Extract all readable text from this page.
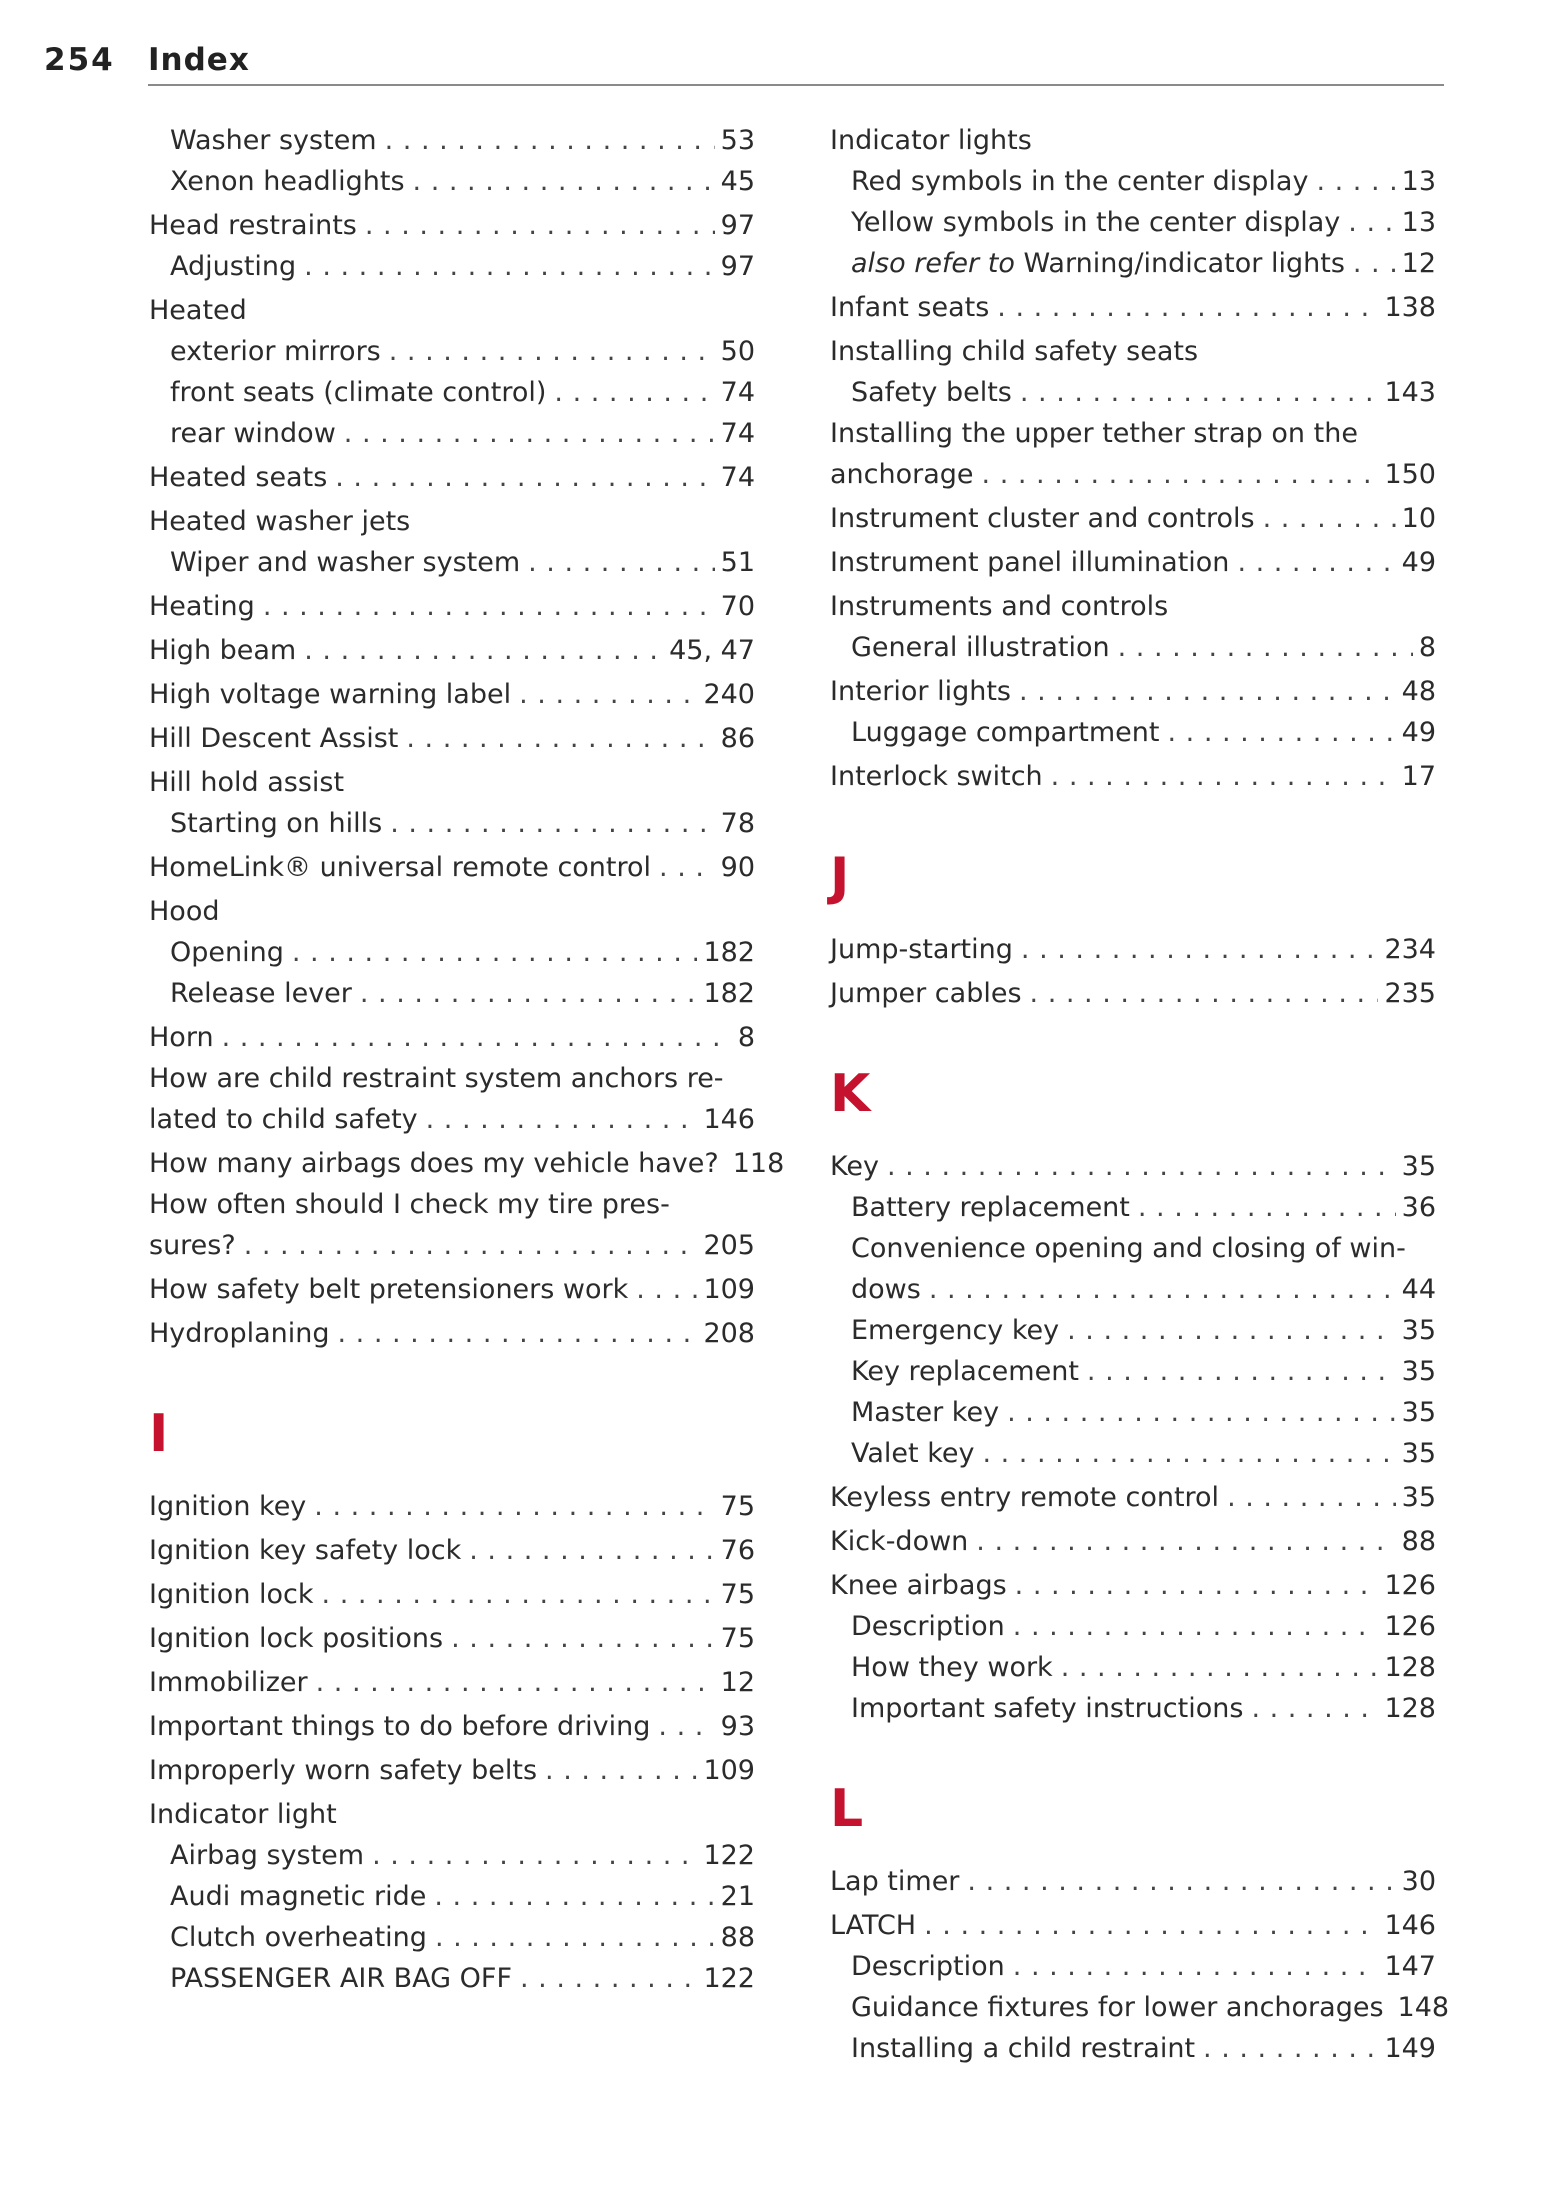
254 Index
Washer system . . .	53
Xenon headlights . . .	45
Head restraints . . .	97
Adjusting . . .	97
Heated
exterior mirrors . . .	50
front seats (climate control) . . .	74
rear window . . .	74
Heated seats . . .	74
Heated washer jets
Wiper and washer system . . .	51
Heating . . .	70
High beam . . .	45, 47
High voltage warning label . . .	240
Hill Descent Assist . . .	86
Hill hold assist
Starting on hills . . .	78
HomeLink® universal remote control . . .	90
Hood
Opening . . .	182
Release lever . . .	182
Horn . . .	8
How are child restraint system anchors re-
lated to child safety . . .	146
How many airbags does my vehicle have? 118
How often should I check my tire pres-
sures? . . .	205
How safety belt pretensioners work . . .	109
Hydroplaning . . .	208
I
Ignition key . . .	75
Ignition key safety lock . . .	76
Ignition lock . . .	75
Ignition lock positions . . .	75
Immobilizer . . .	12
Important things to do before driving . . .	93
Improperly worn safety belts . . .	109
Indicator light
Airbag system . . .	122
Audi magnetic ride . . .	21
Clutch overheating . . .	88
PASSENGER AIR BAG OFF . . .	122
Indicator lights
Red symbols in the center display . . .	13
Yellow symbols in the center display . . . 13
also refer to Warning/indicator lights . . . 12
Infant seats . . .	138
Installing child safety seats
Safety belts . . .	143
Installing the upper tether strap on the
anchorage . . .	150
Instrument cluster and controls . . .	10
Instrument panel illumination . . .	49
Instruments and controls
General illustration . . .	8
Interior lights . . .	48
Luggage compartment . . .	49
Interlock switch . . .	17
J
Jump-starting . . .	234
Jumper cables . . .	235
K
Key . . .	35
Battery replacement . . .	36
Convenience opening and closing of win-
dows . . .	44
Emergency key . . .	35
Key replacement . . .	35
Master key . . .	35
Valet key . . .	35
Keyless entry remote control . . .	35
Kick-down . . .	88
Knee airbags . . .	126
Description . . .	126
How they work . . .	128
Important safety instructions . . .	128
L
Lap timer . . .	30
LATCH . . .	146
Description . . .	147
Guidance fixtures for lower anchorages 148
Installing a child restraint . . .	149
